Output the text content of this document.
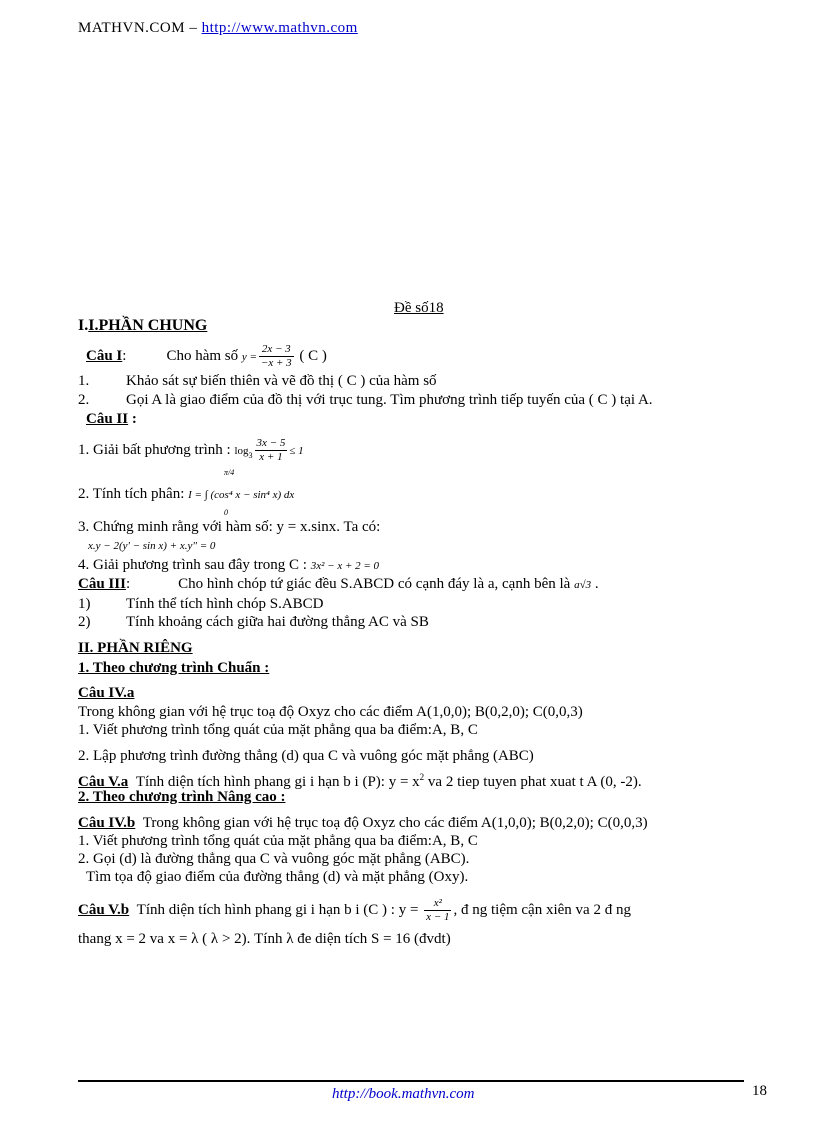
MATHVN.COM – http://www.mathvn.com
Đề số18
I.I.PHẦN CHUNG
Câu I:	Cho hàm số $y = \frac{2x - 3}{-x + 3}$ ( C )
1. Khảo sát sự biến thiên và vẽ đồ thị ( C ) của hàm số
2. Gọi A là giao điểm của đồ thị với trục tung. Tìm phương trình tiếp tuyến của ( C ) tại A.
Câu II :
1. Giải bất phương trình : $\log_3 \frac{3x - 5}{x + 1} \le 1$
π/4
0
2. Tính tích phân: I = ∫ (cos⁴ x − sin⁴ x) dx
3. Chứng minh rằng với hàm số: y = x.sinx. Ta có:
x.y − 2(y' − sin x) + x.y" = 0
4. Giải phương trình sau đây trong C : 3x² − x + 2 = 0
Câu III:	Cho hình chóp tứ giác đều S.ABCD có cạnh đáy là a, cạnh bên là a√3 .
1) Tính thể tích hình chóp S.ABCD
2) Tính khoảng cách giữa hai đường thẳng AC và SB
II. PHẦN RIÊNG
1. Theo chương trình Chuẩn :
Câu IV.a
Trong không gian với hệ trục toạ độ Oxyz cho các điểm A(1,0,0); B(0,2,0); C(0,0,3)
1. Viết phương trình tổng quát của mặt phẳng qua ba điểm:A, B, C
2. Lập phương trình đường thẳng (d) qua C và vuông góc mặt phẳng (ABC)
Câu V.a Tính diện tích hình phang gi i hạn b i (P): $y = x^2$ va 2 tiep tuyen phat xuat t A (0, -2).
2. Theo chương trình Nâng cao :
Câu IV.b Trong không gian với hệ trục toạ độ Oxyz cho các điểm A(1,0,0); B(0,2,0); C(0,0,3)
1. Viết phương trình tổng quát của mặt phẳng qua ba điểm:A, B, C
2. Gọi (d) là đường thẳng qua C và vuông góc mặt phẳng (ABC).
Tìm tọa độ giao điểm của đường thẳng (d) và mặt phẳng (Oxy).
Câu V.b Tính diện tích hình phang gi i hạn b i (C ) : $y = \frac{\text{x²}}{x - 1}$ , đ ng tiệm cận xiên va 2 đ ng
thang x = 2 va x = λ ( λ > 2). Tính λ đe diện tích S = 16 (đvdt)
http://book.mathvn.com	18
